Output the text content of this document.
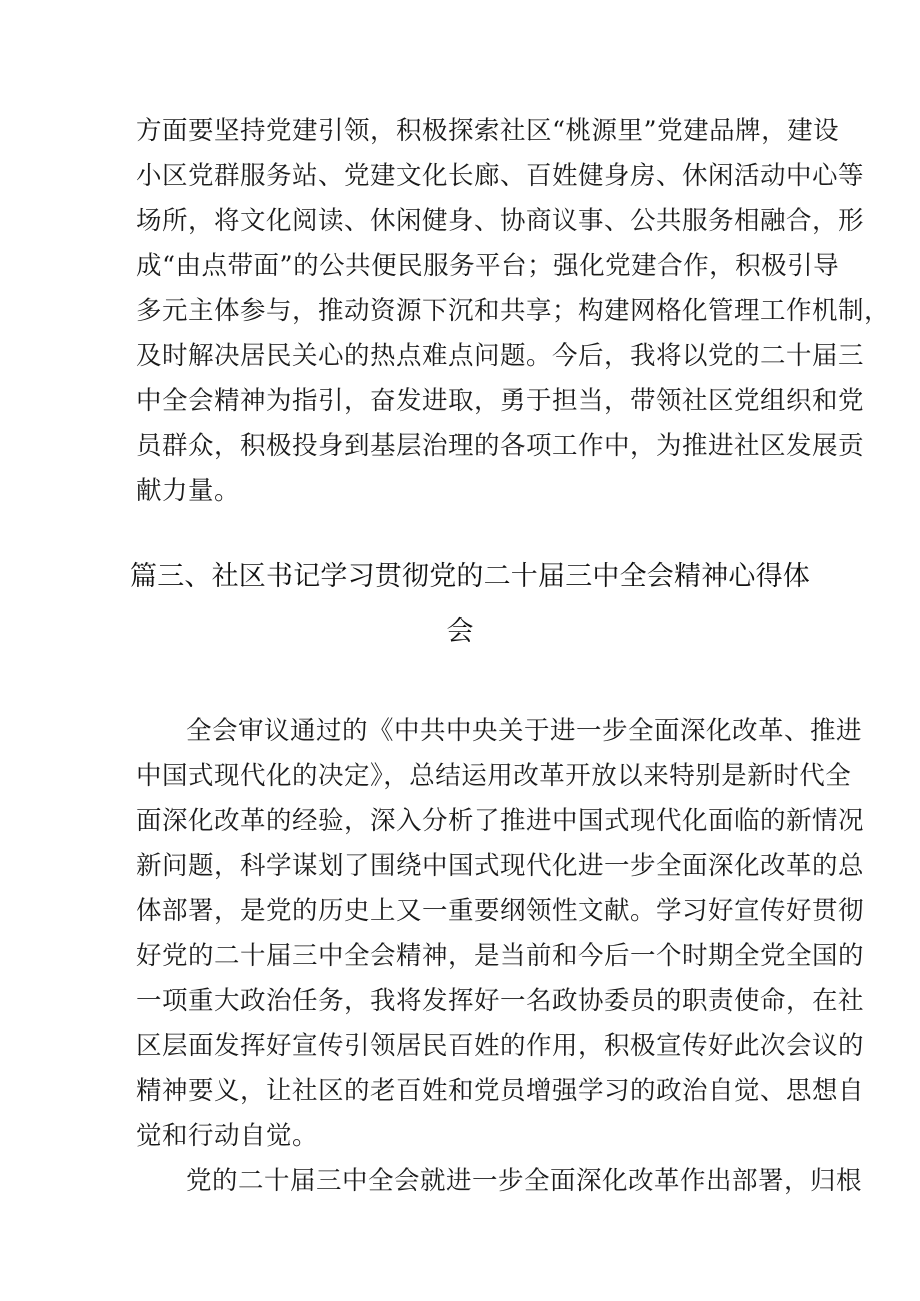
方面要坚持党建引领，积极探索社区“桃源里”党建品牌，建设
小区党群服务站、党建文化长廊、百姓健身房、休闲活动中心等
场所，将文化阅读、休闲健身、协商议事、公共服务相融合，形
成“由点带面”的公共便民服务平台；强化党建合作，积极引导
多元主体参与，推动资源下沉和共享；构建网格化管理工作机制，
及时解决居民关心的热点难点问题。今后，我将以党的二十届三
中全会精神为指引，奋发进取，勇于担当，带领社区党组织和党
员群众，积极投身到基层治理的各项工作中，为推进社区发展贡
献力量。
篇三、社区书记学习贯彻党的二十届三中全会精神心得体
会
全会审议通过的《中共中央关于进一步全面深化改革、推进
中国式现代化的决定》，总结运用改革开放以来特别是新时代全
面深化改革的经验，深入分析了推进中国式现代化面临的新情况
新问题，科学谋划了围绕中国式现代化进一步全面深化改革的总
体部署，是党的历史上又一重要纲领性文献。学习好宣传好贯彻
好党的二十届三中全会精神，是当前和今后一个时期全党全国的
一项重大政治任务，我将发挥好一名政协委员的职责使命，在社
区层面发挥好宣传引领居民百姓的作用，积极宣传好此次会议的
精神要义，让社区的老百姓和党员增强学习的政治自觉、思想自
觉和行动自觉。
党的二十届三中全会就进一步全面深化改革作出部署，归根
